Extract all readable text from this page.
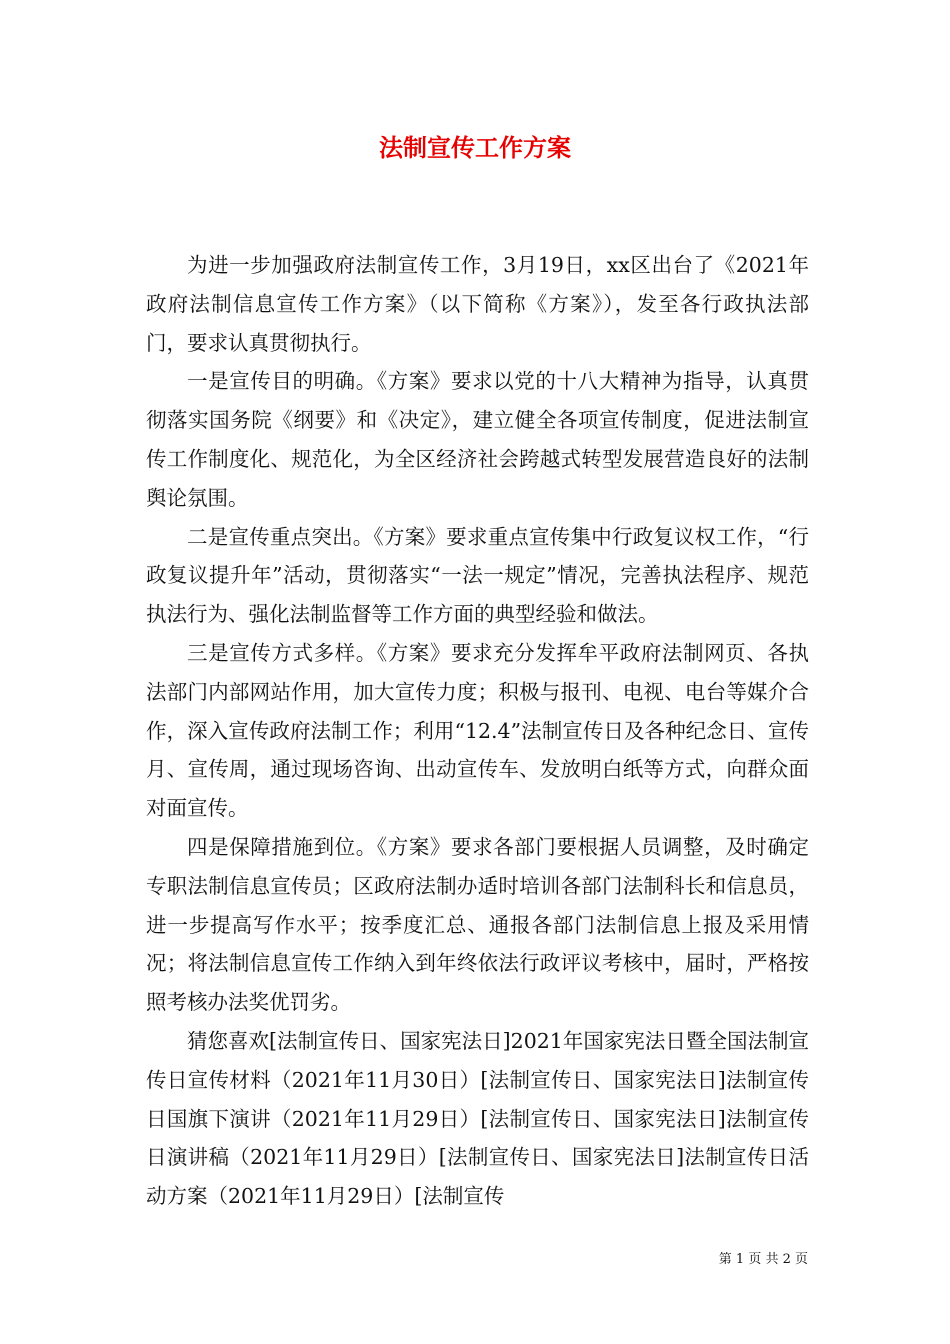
法制宣传工作方案

为进一步加强政府法制宣传工作，3月19日，xx区出台了《2021年政府法制信息宣传工作方案》（以下简称《方案》），发至各行政执法部门，要求认真贯彻执行。

一是宣传目的明确。《方案》要求以党的十八大精神为指导，认真贯彻落实国务院《纲要》和《决定》，建立健全各项宣传制度，促进法制宣传工作制度化、规范化，为全区经济社会跨越式转型发展营造良好的法制舆论氛围。

二是宣传重点突出。《方案》要求重点宣传集中行政复议权工作，“行政复议提升年”活动，贯彻落实“一法一规定”情况，完善执法程序、规范执法行为、强化法制监督等工作方面的典型经验和做法。

三是宣传方式多样。《方案》要求充分发挥牟平政府法制网页、各执法部门内部网站作用，加大宣传力度；积极与报刊、电视、电台等媒介合作，深入宣传政府法制工作；利用“12.4”法制宣传日及各种纪念日、宣传月、宣传周，通过现场咨询、出动宣传车、发放明白纸等方式，向群众面对面宣传。

四是保障措施到位。《方案》要求各部门要根据人员调整，及时确定专职法制信息宣传员；区政府法制办适时培训各部门法制科长和信息员，进一步提高写作水平；按季度汇总、通报各部门法制信息上报及采用情况；将法制信息宣传工作纳入到年终依法行政评议考核中，届时，严格按照考核办法奖优罚劣。

猜您喜欢[法制宣传日、国家宪法日]2021年国家宪法日暨全国法制宣传日宣传材料（2021年11月30日）[法制宣传日、国家宪法日]法制宣传日国旗下演讲（2021年11月29日）[法制宣传日、国家宪法日]法制宣传日演讲稿（2021年11月29日）[法制宣传日、国家宪法日]法制宣传日活动方案（2021年11月29日）[法制宣传

第 1 页 共 2 页
